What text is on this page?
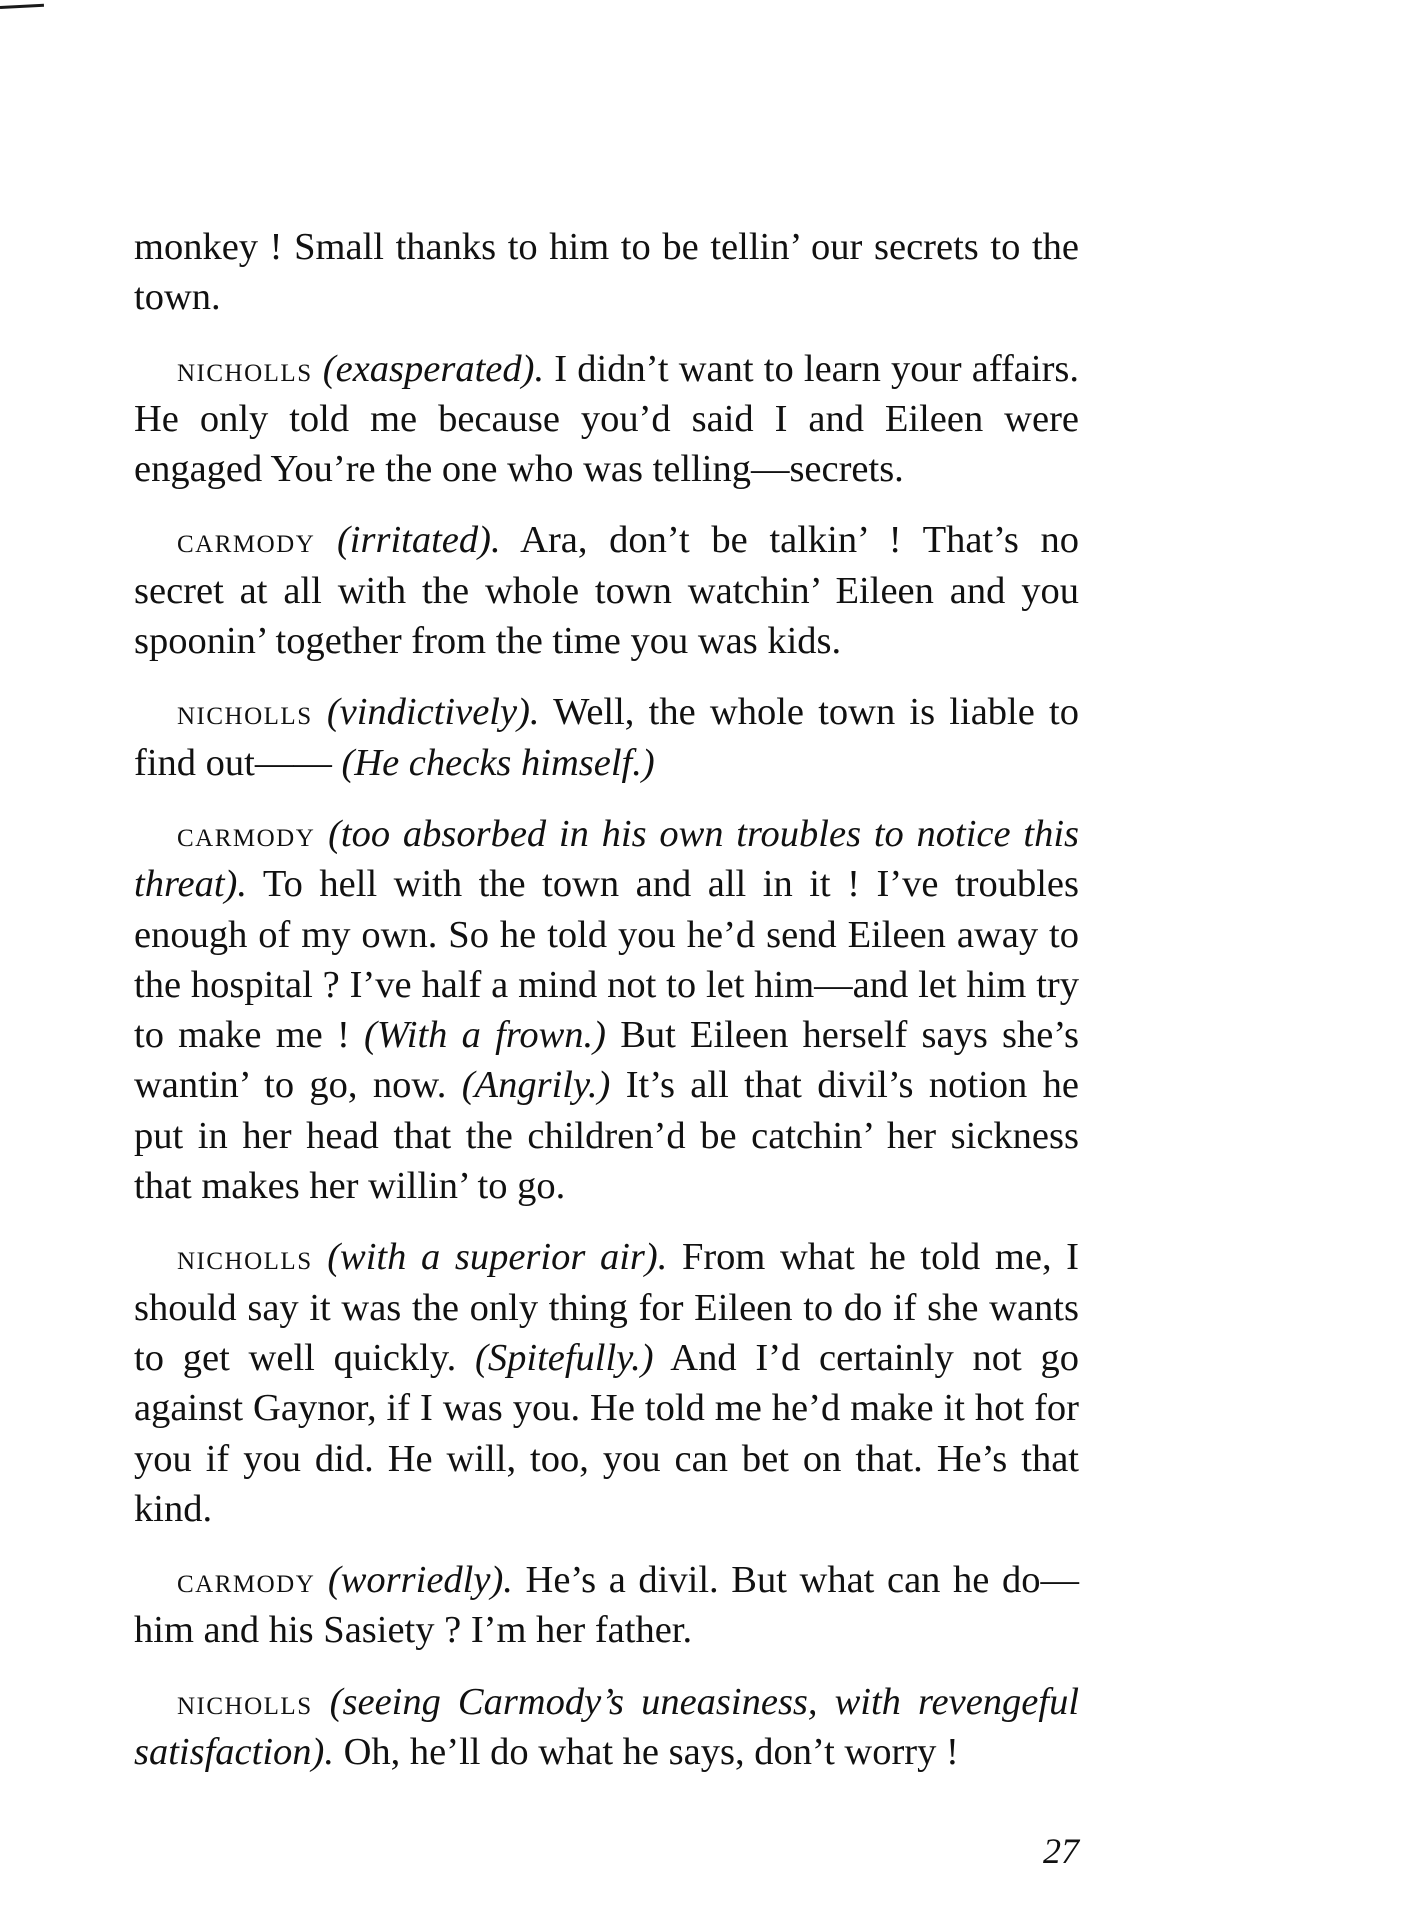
monkey ! Small thanks to him to be tellin’ our secrets to the town.

nicholls (exasperated). I didn’t want to learn your affairs. He only told me because you’d said I and Eileen were engaged You’re the one who was telling—secrets.

carmody (irritated). Ara, don’t be talkin’ ! That’s no secret at all with the whole town watchin’ Eileen and you spoonin’ together from the time you was kids.

nicholls (vindictively). Well, the whole town is liable to find out—— (He checks himself.)

carmody (too absorbed in his own troubles to notice this threat). To hell with the town and all in it ! I’ve troubles enough of my own. So he told you he’d send Eileen away to the hospital ? I’ve half a mind not to let him—and let him try to make me ! (With a frown.) But Eileen herself says she’s wantin’ to go, now. (Angrily.) It’s all that divil’s notion he put in her head that the children’d be catchin’ her sickness that makes her willin’ to go.

nicholls (with a superior air). From what he told me, I should say it was the only thing for Eileen to do if she wants to get well quickly. (Spitefully.) And I’d certainly not go against Gaynor, if I was you. He told me he’d make it hot for you if you did. He will, too, you can bet on that. He’s that kind.

carmody (worriedly). He’s a divil. But what can he do—him and his Sasiety ? I’m her father.

nicholls (seeing Carmody’s uneasiness, with revengeful satisfaction). Oh, he’ll do what he says, don’t worry !

27
